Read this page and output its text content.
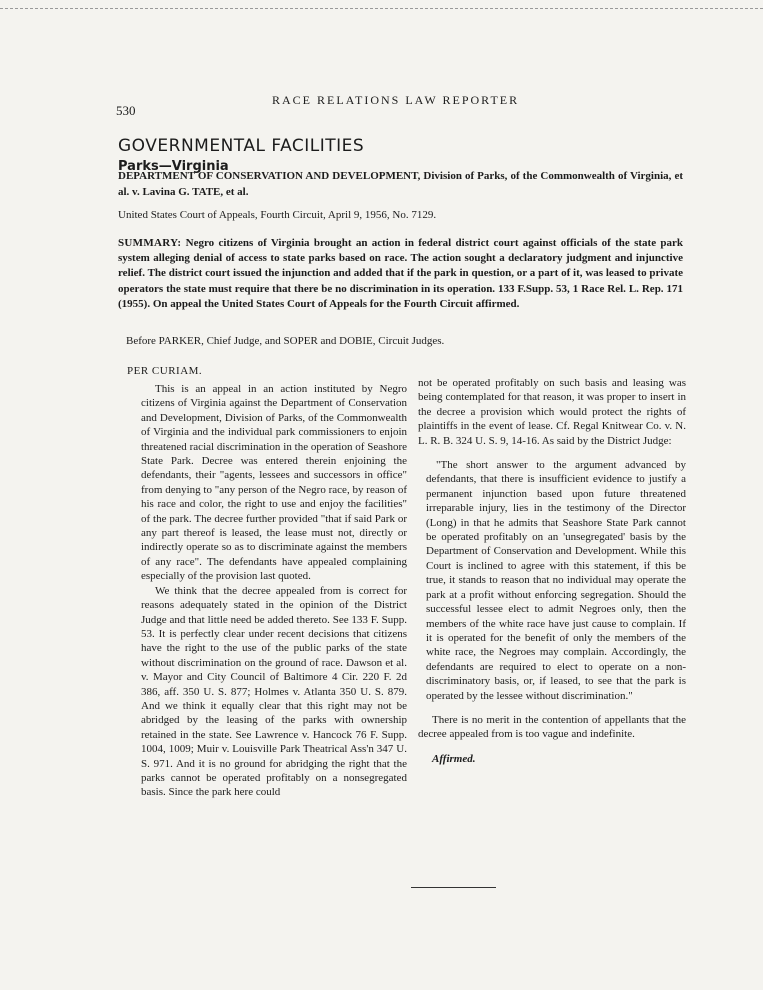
530
RACE RELATIONS LAW REPORTER
GOVERNMENTAL FACILITIES
Parks—Virginia
DEPARTMENT OF CONSERVATION AND DEVELOPMENT, Division of Parks, of the Commonwealth of Virginia, et al. v. Lavina G. TATE, et al.
United States Court of Appeals, Fourth Circuit, April 9, 1956, No. 7129.
SUMMARY: Negro citizens of Virginia brought an action in federal district court against officials of the state park system alleging denial of access to state parks based on race. The action sought a declaratory judgment and injunctive relief. The district court issued the injunction and added that if the park in question, or a part of it, was leased to private operators the state must require that there be no discrimination in its operation. 133 F.Supp. 53, 1 Race Rel. L. Rep. 171 (1955). On appeal the United States Court of Appeals for the Fourth Circuit affirmed.
Before PARKER, Chief Judge, and SOPER and DOBIE, Circuit Judges.
PER CURIAM.

This is an appeal in an action instituted by Negro citizens of Virginia against the Department of Conservation and Development, Division of Parks, of the Commonwealth of Virginia and the individual park commissioners to enjoin threatened racial discrimination in the operation of Seashore State Park. Decree was entered therein enjoining the defendants, their "agents, lessees and successors in office" from denying to "any person of the Negro race, by reason of his race and color, the right to use and enjoy the facilities" of the park. The decree further provided "that if said Park or any part thereof is leased, the lease must not, directly or indirectly operate so as to discriminate against the members of any race". The defendants have appealed complaining especially of the provision last quoted.

We think that the decree appealed from is correct for reasons adequately stated in the opinion of the District Judge and that little need be added thereto. See 133 F. Supp. 53. It is perfectly clear under recent decisions that citizens have the right to the use of the public parks of the state without discrimination on the ground of race. Dawson et al. v. Mayor and City Council of Baltimore 4 Cir. 220 F. 2d 386, aff. 350 U. S. 877; Holmes v. Atlanta 350 U. S. 879. And we think it equally clear that this right may not be abridged by the leasing of the parks with ownership retained in the state. See Lawrence v. Hancock 76 F. Supp. 1004, 1009; Muir v. Louisville Park Theatrical Ass'n 347 U. S. 971. And it is no ground for abridging the right that the parks cannot be operated profitably on a nonsegregated basis. Since the park here could

not be operated profitably on such basis and leasing was being contemplated for that reason, it was proper to insert in the decree a provision which would protect the rights of plaintiffs in the event of lease. Cf. Regal Knitwear Co. v. N. L. R. B. 324 U. S. 9, 14-16. As said by the District Judge:

"The short answer to the argument advanced by defendants, that there is insufficient evidence to justify a permanent injunction based upon future threatened irreparable injury, lies in the testimony of the Director (Long) in that he admits that Seashore State Park cannot be operated profitably on an 'unsegregated' basis by the Department of Conservation and Development. While this Court is inclined to agree with this statement, if this be true, it stands to reason that no individual may operate the park at a profit without enforcing segregation. Should the successful lessee elect to admit Negroes only, then the members of the white race have just cause to complain. If it is operated for the benefit of only the members of the white race, the Negroes may complain. Accordingly, the defendants are required to elect to operate on a non-discriminatory basis, or, if leased, to see that the park is operated by the lessee without discrimination."

There is no merit in the contention of appellants that the decree appealed from is too vague and indefinite.

Affirmed.
